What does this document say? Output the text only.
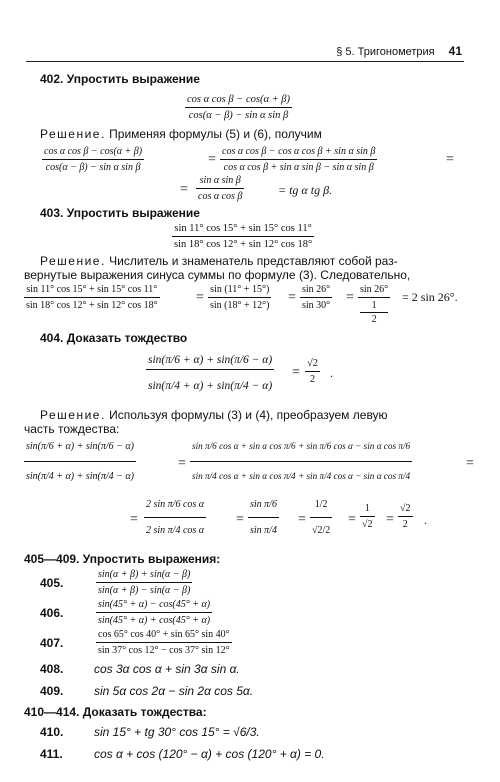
§ 5. Тригонометрия 41
402. Упростить выражение
$\frac{\text{cos α cos β − cos(α + β)}}{\text{cos(α − β) − sin α sin β}}$
Решение. Применяя формулы (5) и (6), получим
$\frac{\text{cos α cos β − cos(α + β)}}{\text{cos(α − β) − sin α sin β}}$	= $\frac{\text{cos α cos β − cos α cos β + sin α sin β}}{\text{cos α cos β + sin α sin β − sin α sin β}}$	=
= $\frac{\text{sin α sin β}}{\text{cos α cos β}}$	= tg α tg β.
403. Упростить выражение
$\frac{\sin 11^\circ \cos 15^\circ + \sin 15^\circ \cos 11^\circ}{\sin 18^\circ \cos 12^\circ + \sin 12^\circ \cos 18^\circ}$
Решение. Числитель и знаменатель представляют собой раз-
вернутые выражения синуса суммы по формуле (3). Следовательно,
$\frac{\sin 11^\circ \cos 15^\circ + \sin 15^\circ \cos 11^\circ}{\sin 18^\circ \cos 12^\circ + \sin 12^\circ \cos 18^\circ}$	= $\frac{\sin (11^\circ + 15^\circ)}{\sin (18^\circ + 12^\circ)} = \frac{\sin 26^\circ}{\sin 30^\circ} = \frac{\sin 26^\circ}{\frac{1}{2}} = 2$ sin 26°.
404. Доказать тождество
$\frac{\sin(\pi/6 + \alpha) + \sin(\pi/6 - \alpha)}{\sin(\pi/4 + \alpha) + \sin(\pi/4 - \alpha)} = \frac{√2}{2}$ .
Решение. Используя формулы (3) и (4), преобразуем левую
часть тождества:
$\frac{\sin(\pi/6 + \alpha) + \sin(\pi/6 - \alpha)}{\sin(\pi/4 + \alpha) + \sin(\pi/4 - \alpha)}$	=
sin π/6 cos α + sin α cos π/6 + sin π/6 cos α − sin α cos π/6
sin π/4 cos α + sin α cos π/4 + sin π/4 cos α − sin α cos π/4
=
= $\frac{\text{2 sin π/6 cos α}}{\text{2 sin π/4 cos α}} = \frac{\text{sin π/6}}{\text{sin π/4}} = \frac{1/2}{√2/2} = \frac{1}{√2} = \frac{√2}{2}$ .
405—409. Упростить выражения:
405.	$\frac{\sin(\alpha + \beta) + \sin(\alpha - \beta)}{\sin(\alpha + \beta) - \sin(\alpha - \beta)}$
406.	$\frac{\sin(45^\circ + \alpha) - \cos(45^\circ + \alpha)}{\sin(45^\circ + \alpha) + \cos(45^\circ + \alpha)}$
407.	$\frac{\cos 65^\circ \cos 40^\circ + \sin 65^\circ \sin 40^\circ}{\sin 37^\circ \cos 12^\circ - \cos 37^\circ \sin 12^\circ}$
408.	cos 3α cos α + sin 3α sin α.
409.	sin 5α cos 2α − sin 2α cos 5α.
410—414. Доказать тождества:
410.	sin 15° + tg 30° cos 15° = √6/3.
411.	cos α + cos (120° − α) + cos (120° + α) = 0.
